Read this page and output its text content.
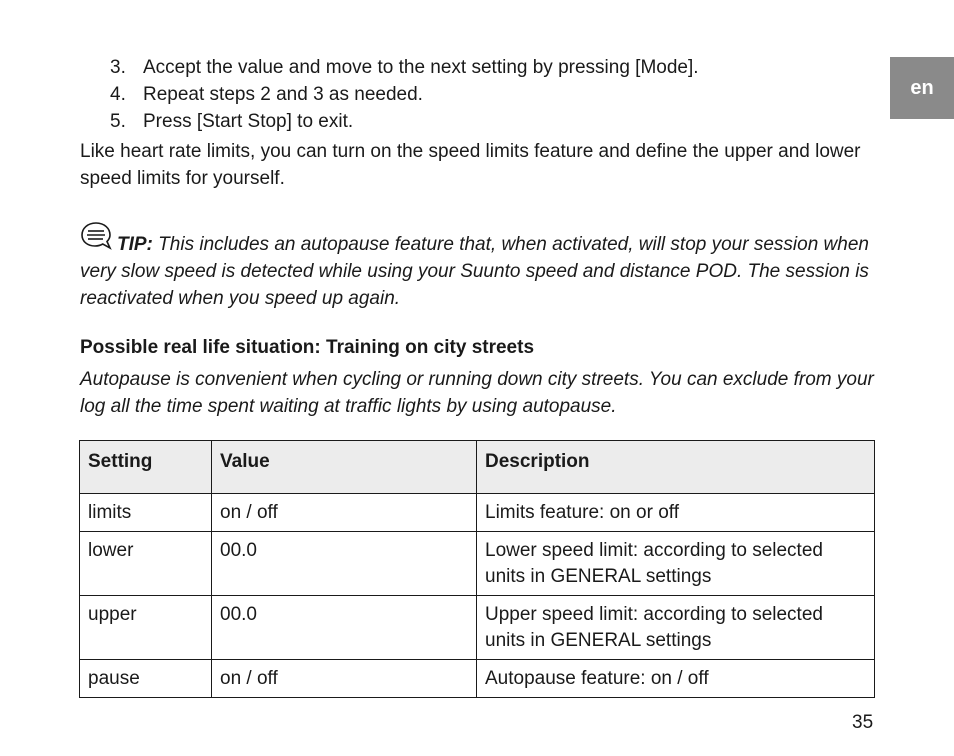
en
3. Accept the value and move to the next setting by pressing [Mode].
4. Repeat steps 2 and 3 as needed.
5. Press [Start Stop] to exit.

Like heart rate limits, you can turn on the speed limits feature and define the upper and lower speed limits for yourself.

TIP: This includes an autopause feature that, when activated, will stop your session when very slow speed is detected while using your Suunto speed and distance POD. The session is reactivated when you speed up again.

Possible real life situation: Training on city streets

Autopause is convenient when cycling or running down city streets. You can exclude from your log all the time spent waiting at traffic lights by using autopause.

Setting	Value	Description
limits	on / off	Limits feature: on or off
lower	00.0	Lower speed limit: according to selected units in GENERAL settings
upper	00.0	Upper speed limit: according to selected units in GENERAL settings
pause	on / off	Autopause feature: on / off
35
